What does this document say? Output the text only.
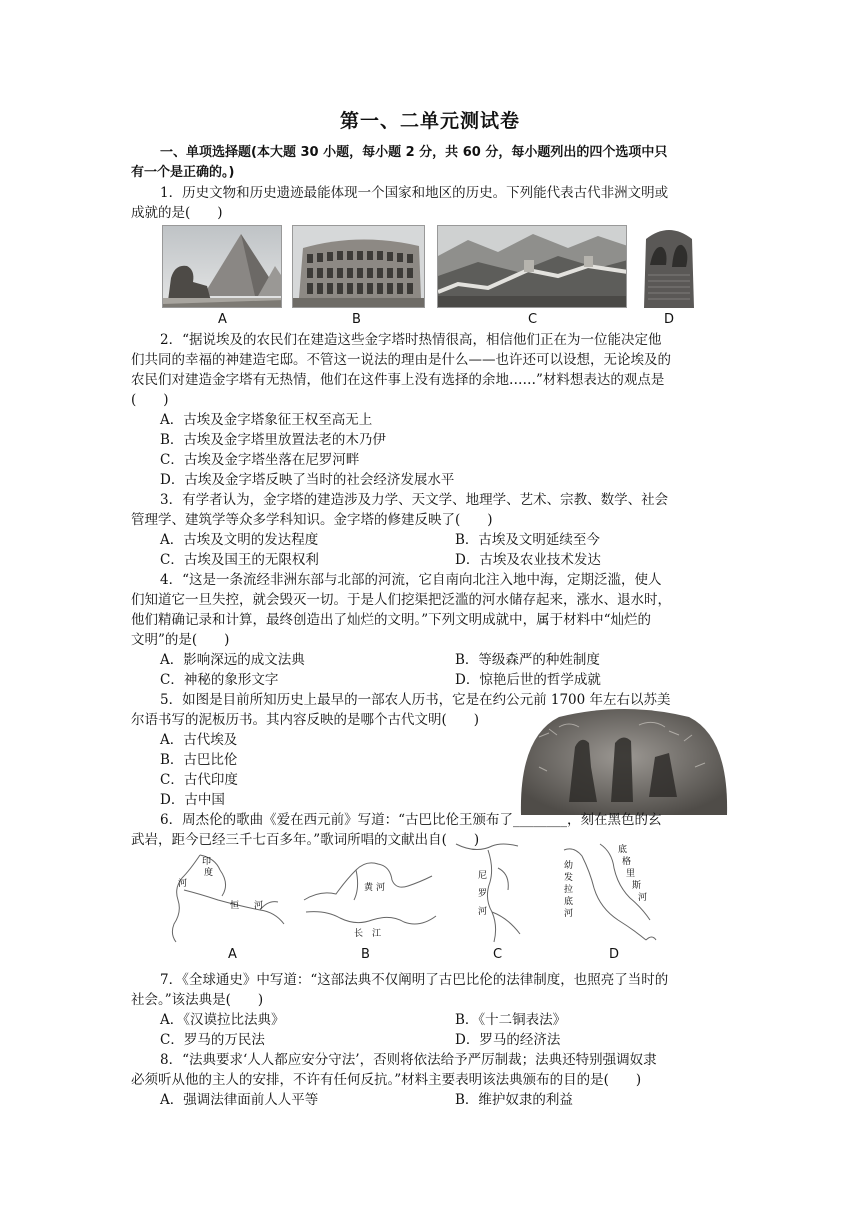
第一、二单元测试卷
一、单项选择题(本大题 30 小题，每小题 2 分，共 60 分，每小题列出的四个选项中只
有一个是正确的。)
1．历史文物和历史遗迹最能体现一个国家和地区的历史。下列能代表古代非洲文明或
成就的是(　　)
A	B	C	D
2．“据说埃及的农民们在建造这些金字塔时热情很高，相信他们正在为一位能决定他
们共同的幸福的神建造宅邸。不管这一说法的理由是什么——也许还可以设想，无论埃及的
农民们对建造金字塔有无热情，他们在这件事上没有选择的余地……”材料想表达的观点是
(　　)
A．古埃及金字塔象征王权至高无上
B．古埃及金字塔里放置法老的木乃伊
C．古埃及金字塔坐落在尼罗河畔
D．古埃及金字塔反映了当时的社会经济发展水平
3．有学者认为，金字塔的建造涉及力学、天文学、地理学、艺术、宗教、数学、社会
管理学、建筑学等众多学科知识。金字塔的修建反映了(　　)
A．古埃及文明的发达程度	B．古埃及文明延续至今
C．古埃及国王的无限权利	D．古埃及农业技术发达
4．“这是一条流经非洲东部与北部的河流，它自南向北注入地中海，定期泛滥，使人
们知道它一旦失控，就会毁灭一切。于是人们挖渠把泛滥的河水储存起来，涨水、退水时，
他们精确记录和计算，最终创造出了灿烂的文明。”下列文明成就中，属于材料中“灿烂的
文明”的是(　　)
A．影响深远的成文法典	B．等级森严的种姓制度
C．神秘的象形文字	D．惊艳后世的哲学成就
5．如图是目前所知历史上最早的一部农人历书，它是在约公元前 1700 年左右以苏美
尔语书写的泥板历书。其内容反映的是哪个古代文明(　　)
A．古代埃及
B．古巴比伦
C．古代印度
D．古中国
6．周杰伦的歌曲《爱在西元前》写道：“古巴比伦王颁布了________，刻在黑色的玄
武岩，距今已经三千七百多年。”歌词所唱的文献出自(　　)
印
度
河
恒 河
黄 河
长 江
尼
罗
河
幼
发
拉
底
河
底
格
里
斯
河
A	B	C	D
7．《全球通史》中写道：“这部法典不仅阐明了古巴比伦的法律制度，也照亮了当时的
社会。”该法典是(　　)
A．《汉谟拉比法典》	B．《十二铜表法》
C．罗马的万民法	D．罗马的经济法
8．“法典要求‘人人都应安分守法’，否则将依法给予严厉制裁；法典还特别强调奴隶
必须听从他的主人的安排，不许有任何反抗。”材料主要表明该法典颁布的目的是(　　)
A．强调法律面前人人平等	B．维护奴隶的利益
